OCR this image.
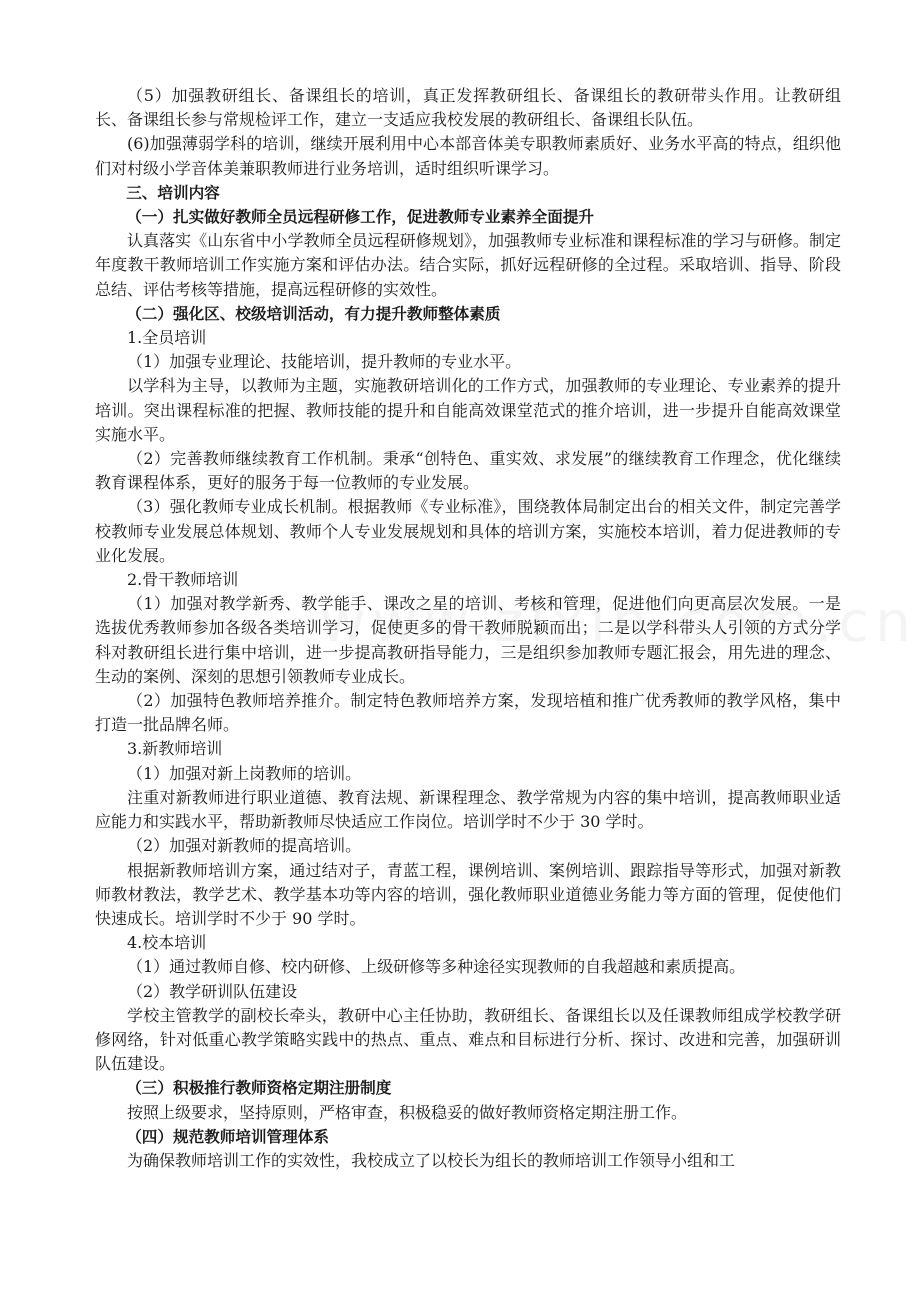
（5）加强教研组长、备课组长的培训，真正发挥教研组长、备课组长的教研带头作用。让教研组长、备课组长参与常规检评工作，建立一支适应我校发展的教研组长、备课组长队伍。

(6)加强薄弱学科的培训，继续开展利用中心本部音体美专职教师素质好、业务水平高的特点，组织他们对村级小学音体美兼职教师进行业务培训，适时组织听课学习。

三、培训内容

（一）扎实做好教师全员远程研修工作，促进教师专业素养全面提升

认真落实《山东省中小学教师全员远程研修规划》，加强教师专业标准和课程标准的学习与研修。制定年度教干教师培训工作实施方案和评估办法。结合实际，抓好远程研修的全过程。采取培训、指导、阶段总结、评估考核等措施，提高远程研修的实效性。

（二）强化区、校级培训活动，有力提升教师整体素质

1.全员培训

（1）加强专业理论、技能培训，提升教师的专业水平。

以学科为主导，以教师为主题，实施教研培训化的工作方式，加强教师的专业理论、专业素养的提升培训。突出课程标准的把握、教师技能的提升和自能高效课堂范式的推介培训，进一步提升自能高效课堂实施水平。

（2）完善教师继续教育工作机制。秉承“创特色、重实效、求发展”的继续教育工作理念，优化继续教育课程体系，更好的服务于每一位教师的专业发展。

（3）强化教师专业成长机制。根据教师《专业标准》，围绕教体局制定出台的相关文件，制定完善学校教师专业发展总体规划、教师个人专业发展规划和具体的培训方案，实施校本培训，着力促进教师的专业化发展。

2.骨干教师培训

（1）加强对教学新秀、教学能手、课改之星的培训、考核和管理，促进他们向更高层次发展。一是选拔优秀教师参加各级各类培训学习，促使更多的骨干教师脱颖而出；二是以学科带头人引领的方式分学科对教研组长进行集中培训，进一步提高教研指导能力，三是组织参加教师专题汇报会，用先进的理念、生动的案例、深刻的思想引领教师专业成长。

（2）加强特色教师培养推介。制定特色教师培养方案，发现培植和推广优秀教师的教学风格，集中打造一批品牌名师。

3.新教师培训

（1）加强对新上岗教师的培训。

注重对新教师进行职业道德、教育法规、新课程理念、教学常规为内容的集中培训，提高教师职业适应能力和实践水平，帮助新教师尽快适应工作岗位。培训学时不少于 30 学时。

（2）加强对新教师的提高培训。

根据新教师培训方案，通过结对子，青蓝工程，课例培训、案例培训、跟踪指导等形式，加强对新教师教材教法，教学艺术、教学基本功等内容的培训，强化教师职业道德业务能力等方面的管理，促使他们快速成长。培训学时不少于 90 学时。

4.校本培训

（1）通过教师自修、校内研修、上级研修等多种途径实现教师的自我超越和素质提高。

（2）教学研训队伍建设

学校主管教学的副校长牵头，教研中心主任协助，教研组长、备课组长以及任课教师组成学校教学研修网络，针对低重心教学策略实践中的热点、重点、难点和目标进行分析、探讨、改进和完善，加强研训队伍建设。

（三）积极推行教师资格定期注册制度

按照上级要求，坚持原则，严格审查，积极稳妥的做好教师资格定期注册工作。

（四）规范教师培训管理体系

为确保教师培训工作的实效性，我校成立了以校长为组长的教师培训工作领导小组和工
